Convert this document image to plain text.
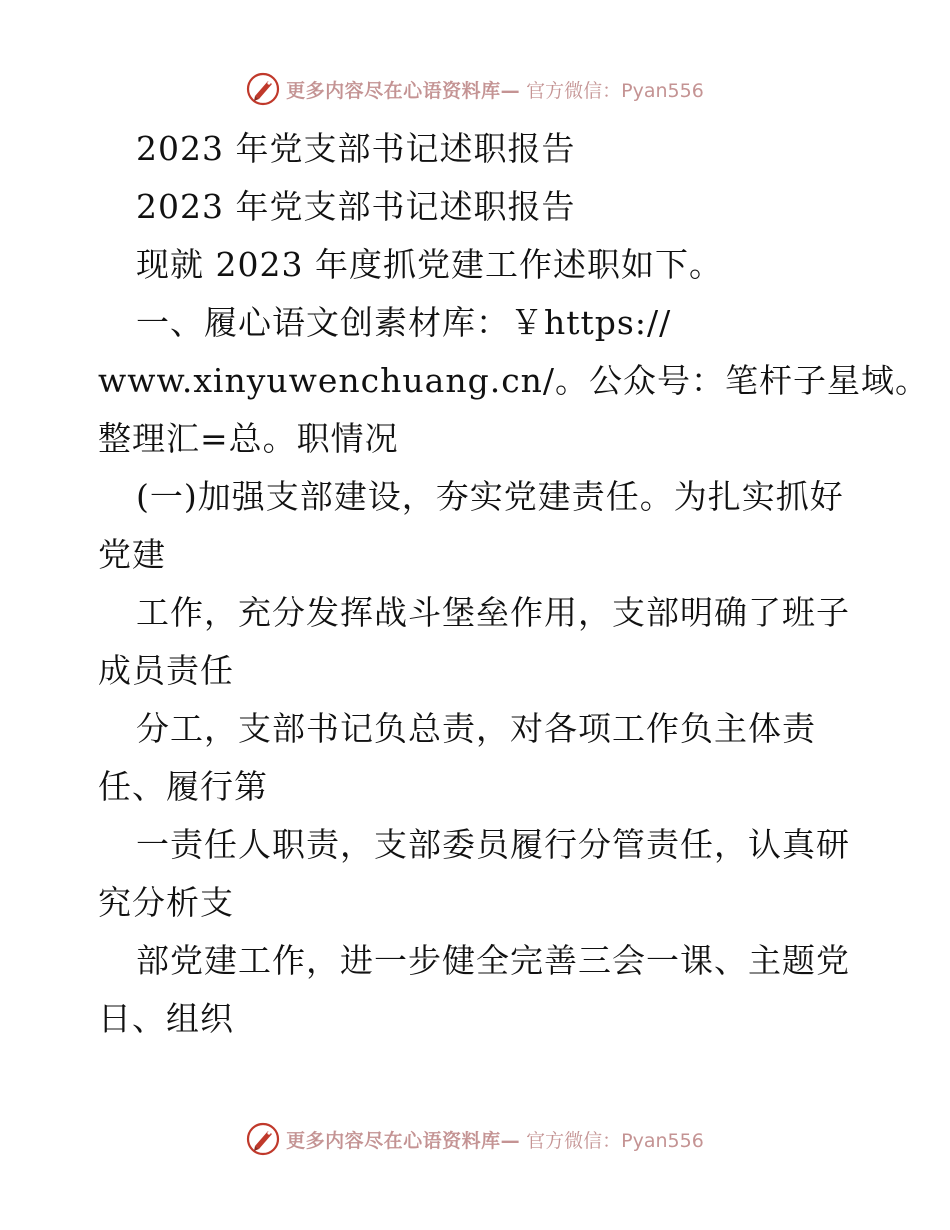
更多内容尽在心语资料库— 官方微信：Pyan556
2023 年党支部书记述职报告
2023 年党支部书记述职报告
现就 2023 年度抓党建工作述职如下。
一、履心语文创素材库：￥https://
www.xinyuwenchuang.cn/。公众号：笔杆子星域。
整理汇=总。职情况
(一)加强支部建设，夯实党建责任。为扎实抓好
党建
工作，充分发挥战斗堡垒作用，支部明确了班子
成员责任
分工，支部书记负总责，对各项工作负主体责
任、履行第
一责任人职责，支部委员履行分管责任，认真研
究分析支
部党建工作，进一步健全完善三会一课、主题党
日、组织
更多内容尽在心语资料库— 官方微信：Pyan556
